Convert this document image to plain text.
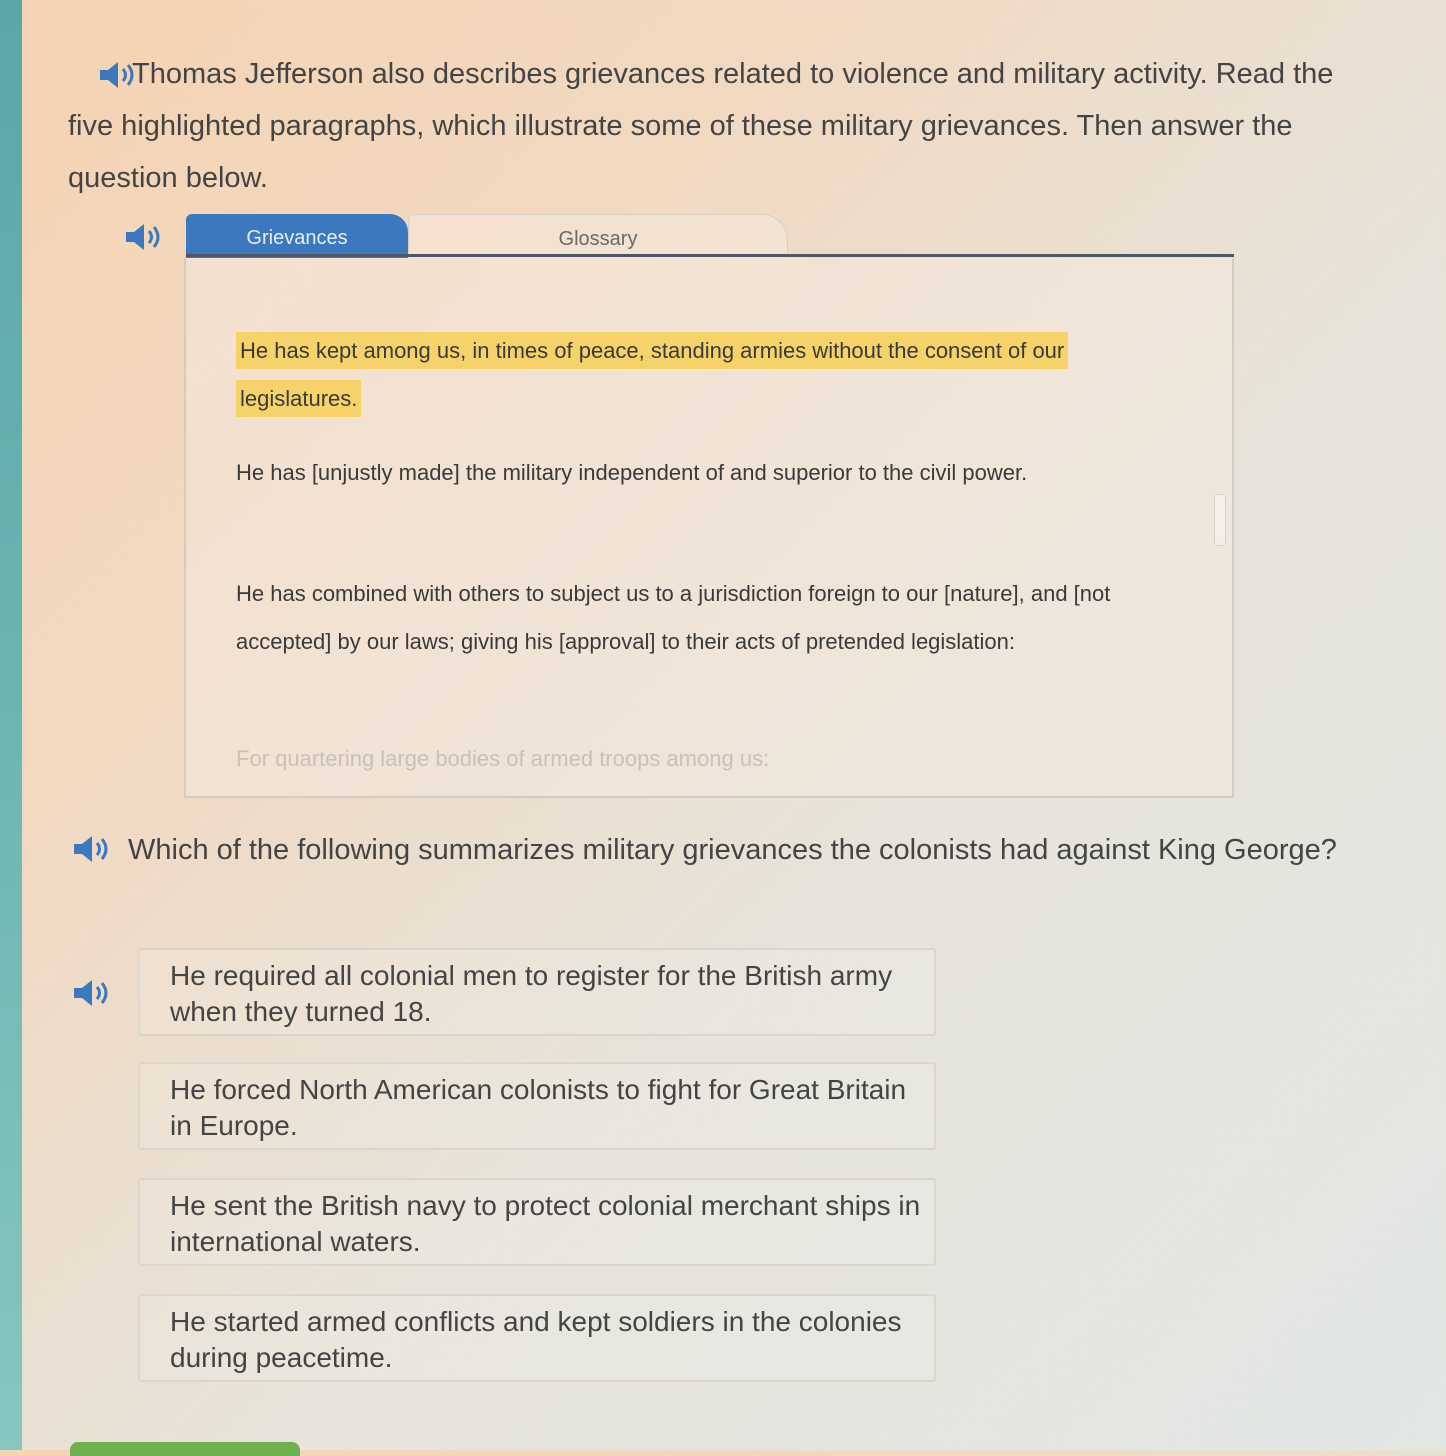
Thomas Jefferson also describes grievances related to violence and military activity. Read the five highlighted paragraphs, which illustrate some of these military grievances. Then answer the question below.
Grievances	Glossary
He has kept among us, in times of peace, standing armies without the consent of our legislatures.
He has [unjustly made] the military independent of and superior to the civil power.
He has combined with others to subject us to a jurisdiction foreign to our [nature], and [not accepted] by our laws; giving his [approval] to their acts of pretended legislation:
For quartering large bodies of armed troops among us:
Which of the following summarizes military grievances the colonists had against King George?
He required all colonial men to register for the British army when they turned 18.
He forced North American colonists to fight for Great Britain in Europe.
He sent the British navy to protect colonial merchant ships in international waters.
He started armed conflicts and kept soldiers in the colonies during peacetime.
